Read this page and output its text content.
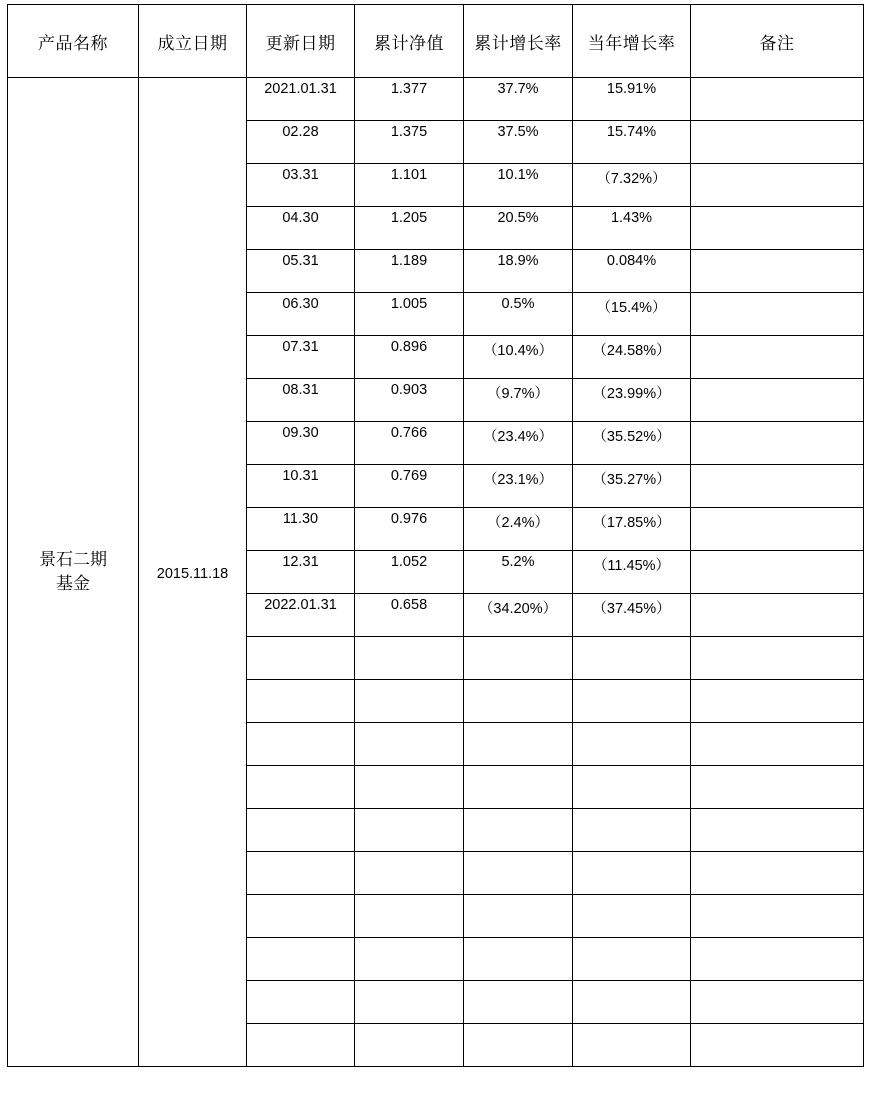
产品名称	成立日期	更新日期	累计净值	累计增长率	当年增长率	备注

景石二期
基金	2015.11.18	2021.01.31	1.377	37.7%	15.91%	
		02.28	1.375	37.5%	15.74%	
		03.31	1.101	10.1%	（7.32%）	
		04.30	1.205	20.5%	1.43%	
		05.31	1.189	18.9%	0.084%	
		06.30	1.005	0.5%	（15.4%）	
		07.31	0.896	（10.4%）	（24.58%）	
		08.31	0.903	（9.7%）	（23.99%）	
		09.30	0.766	（23.4%）	（35.52%）	
		10.31	0.769	（23.1%）	（35.27%）	
		11.30	0.976	（2.4%）	（17.85%）	
		12.31	1.052	5.2%	（11.45%）	
		2022.01.31	0.658	（34.20%）	（37.45%）	
